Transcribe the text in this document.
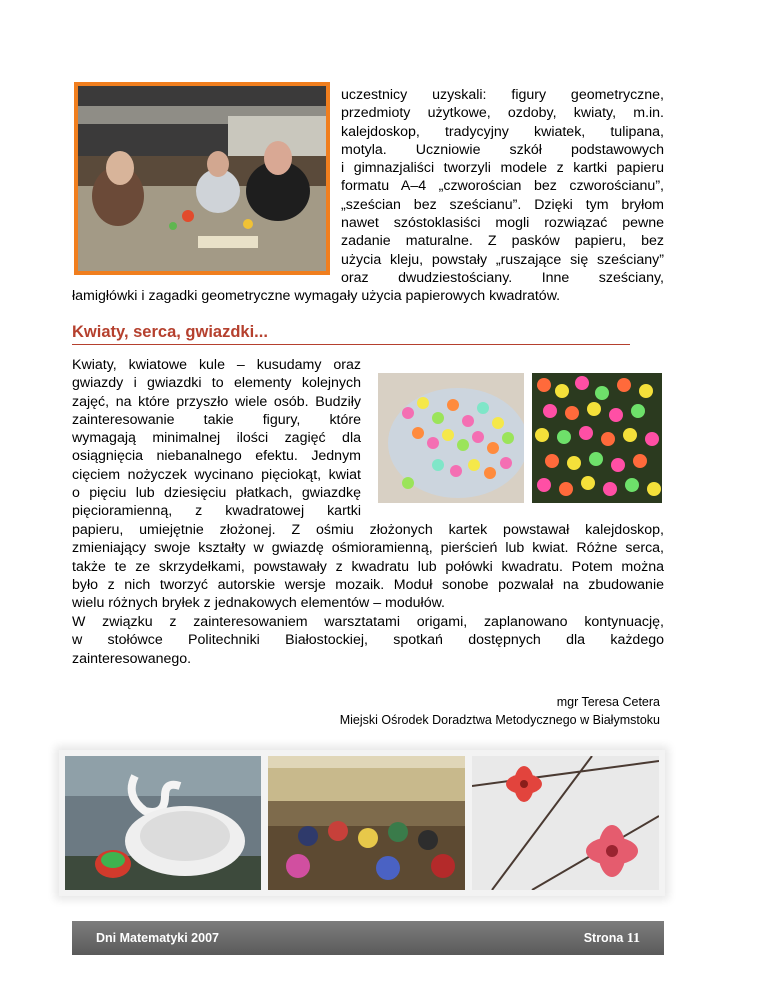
uczestnicy uzyskali: figury geometryczne,
przedmioty użytkowe, ozdoby, kwiaty, m.in.
kalejdoskop, tradycyjny kwiatek, tulipana,
motyla. Uczniowie szkół podstawowych
i gimnazjaliści tworzyli modele z kartki papieru
formatu A–4 „czworościan bez czworościanu”,
„sześcian bez sześcianu”. Dzięki tym bryłom
nawet szóstoklasiści mogli rozwiązać pewne
zadanie maturalne. Z pasków papieru, bez
użycia kleju, powstały „ruszające się sześciany”
oraz dwudziestościany. Inne sześciany,
łamigłówki i zagadki geometryczne wymagały użycia papierowych kwadratów.
Kwiaty, serca, gwiazdki...
Kwiaty, kwiatowe kule – kusudamy oraz
gwiazdy i gwiazdki to elementy kolejnych
zajęć, na które przyszło wiele osób. Budziły
zainteresowanie takie figury, które
wymagają minimalnej ilości zagięć dla
osiągnięcia niebanalnego efektu. Jednym
cięciem nożyczek wycinano pięciokąt, kwiat
o pięciu lub dziesięciu płatkach, gwiazdkę
pięcioramienną, z kwadratowej kartki
papieru, umiejętnie złożonej. Z ośmiu złożonych kartek powstawał kalejdoskop,
zmieniający swoje kształty w gwiazdę ośmioramienną, pierścień lub kwiat. Różne serca,
także te ze skrzydełkami, powstawały z kwadratu lub połówki kwadratu. Potem można
było z nich tworzyć autorskie wersje mozaik. Moduł sonobe pozwalał na zbudowanie
wielu różnych bryłek z jednakowych elementów – modułów.
W związku z zainteresowaniem warsztatami origami, zaplanowano kontynuację,
w stołówce Politechniki Białostockiej, spotkań dostępnych dla każdego
zainteresowanego.
mgr Teresa Cetera
Miejski Ośrodek Doradztwa Metodycznego w Białymstoku
Dni Matematyki 2007	Strona 11
